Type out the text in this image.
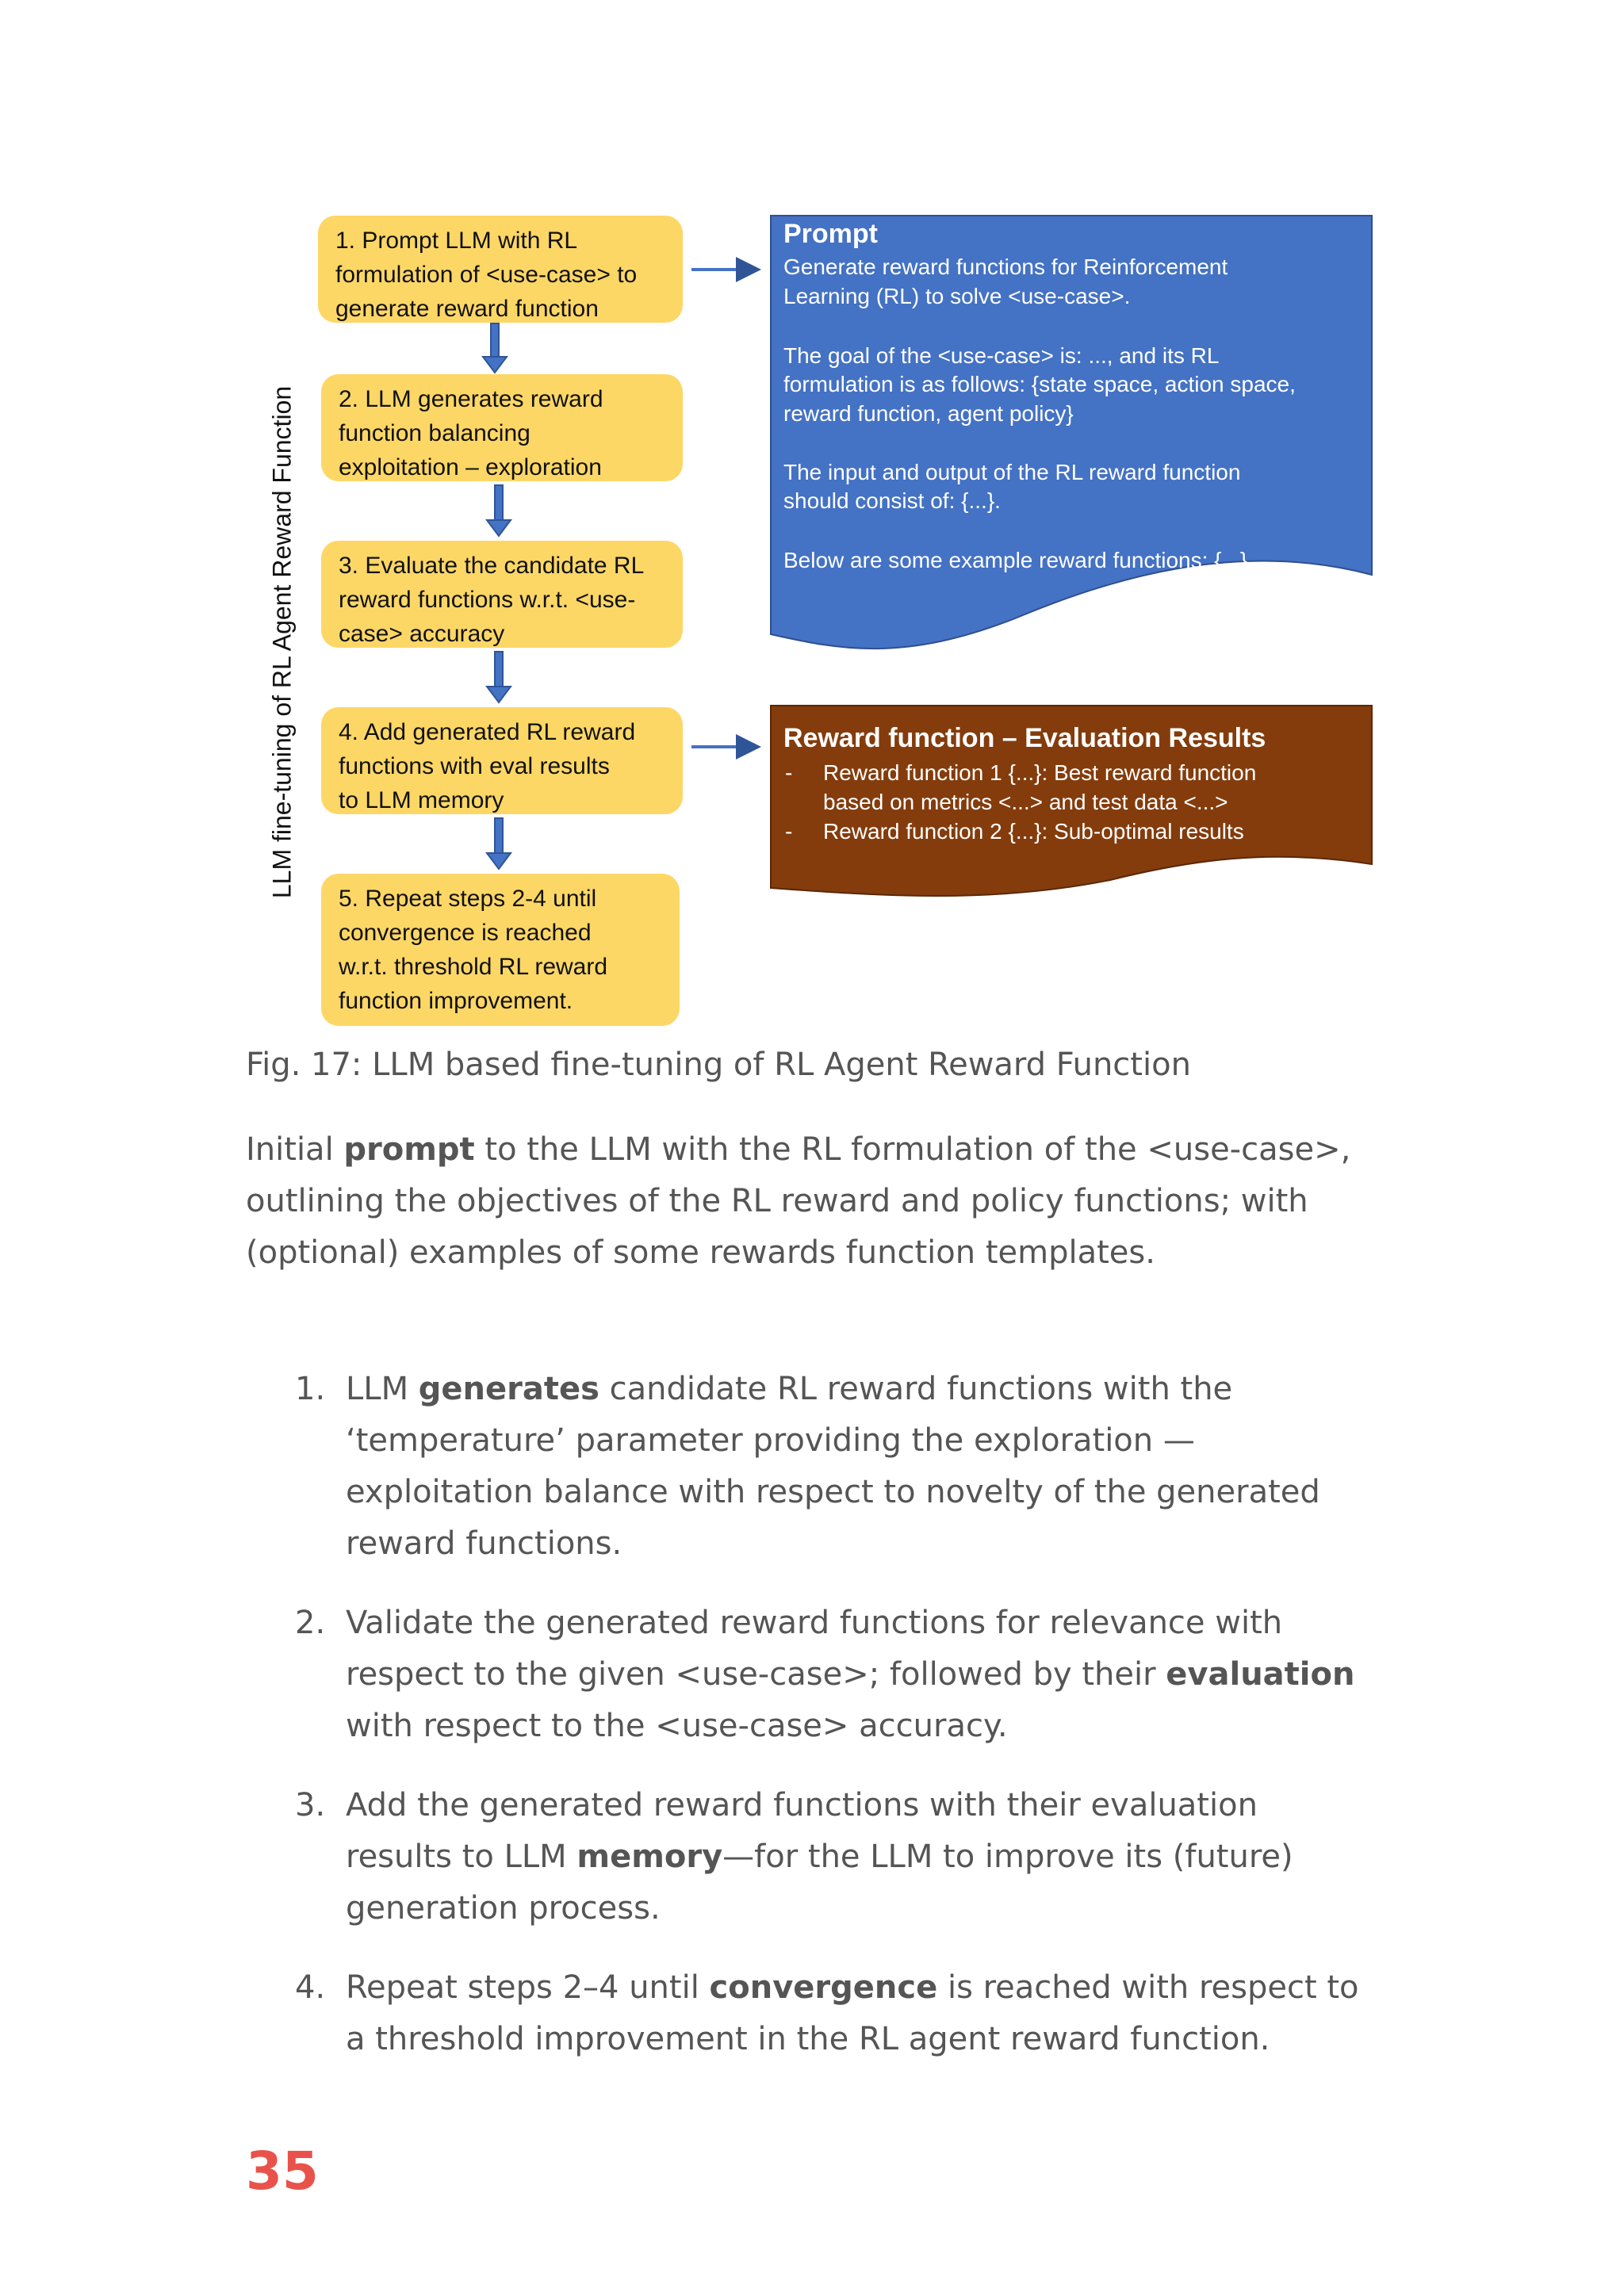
LLM fine-tuning of RL Agent Reward Function
1. Prompt LLM with RL
formulation of <use-case> to
generate reward function
2. LLM generates reward
function balancing
exploitation – exploration
3. Evaluate the candidate RL
reward functions w.r.t. <use-
case> accuracy
4. Add generated RL reward
functions with eval results
to LLM memory
5. Repeat steps 2-4 until
convergence is reached
w.r.t. threshold RL reward
function improvement.
Prompt
Generate reward functions for Reinforcement
Learning (RL) to solve <use-case>.
The goal of the <use-case> is: ..., and its RL
formulation is as follows: {state space, action space,
reward function, agent policy}
The input and output of the RL reward function
should consist of: {...}.
Below are some example reward functions: {...}
Reward function – Evaluation Results
- Reward function 1 {...}: Best reward function
based on metrics <...> and test data <...>
- Reward function 2 {...}: Sub-optimal results
Fig. 17: LLM based fine-tuning of RL Agent Reward Function

Initial prompt to the LLM with the RL formulation of the <use-case>, outlining the objectives of the RL reward and policy functions; with (optional) examples of some rewards function templates.

1. LLM generates candidate RL reward functions with the ‘temperature’ parameter providing the exploration — exploitation balance with respect to novelty of the generated reward functions.
2. Validate the generated reward functions for relevance with respect to the given <use-case>; followed by their evaluation with respect to the <use-case> accuracy.
3. Add the generated reward functions with their evaluation results to LLM memory—for the LLM to improve its (future) generation process.
4. Repeat steps 2–4 until convergence is reached with respect to a threshold improvement in the RL agent reward function.
35
